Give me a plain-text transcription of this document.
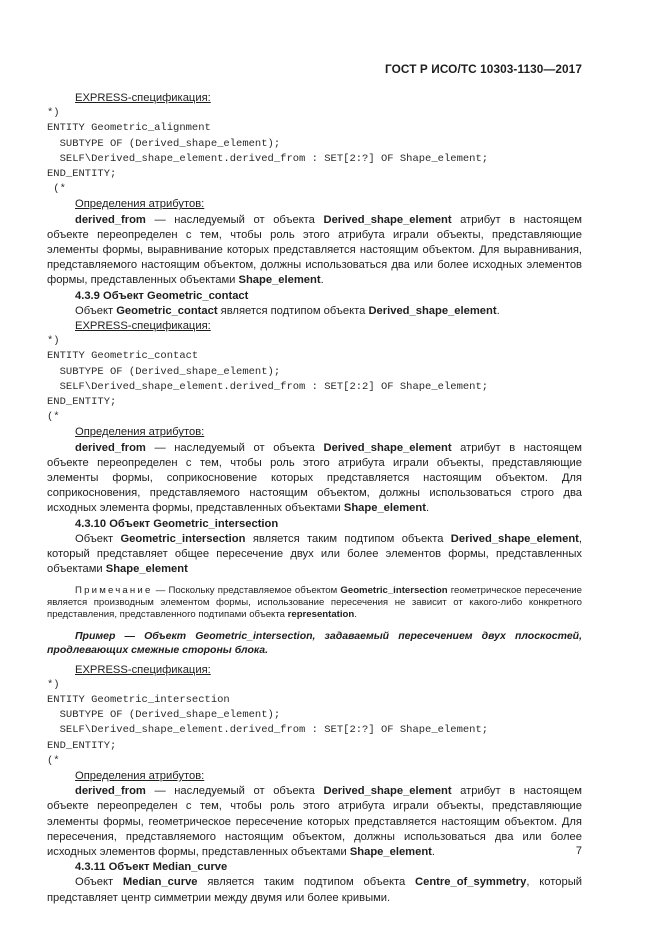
ГОСТ Р ИСО/ТС 10303-1130—2017
EXPRESS-спецификация:
*)
ENTITY Geometric_alignment
SUBTYPE OF (Derived_shape_element);
SELF\Derived_shape_element.derived_from : SET[2:?] OF Shape_element;
END_ENTITY;
(*
Определения атрибутов:
derived_from — наследуемый от объекта Derived_shape_element атрибут в настоящем объекте переопределен с тем, чтобы роль этого атрибута играли объекты, представляющие элементы формы, выравнивание которых представляется настоящим объектом. Для выравнивания, представляемого настоящим объектом, должны использоваться два или более исходных элементов формы, представленных объектами Shape_element.
4.3.9 Объект Geometric_contact
Объект Geometric_contact является подтипом объекта Derived_shape_element.
EXPRESS-спецификация:
*)
ENTITY Geometric_contact
SUBTYPE OF (Derived_shape_element);
SELF\Derived_shape_element.derived_from : SET[2:2] OF Shape_element;
END_ENTITY;
(*
Определения атрибутов:
derived_from — наследуемый от объекта Derived_shape_element атрибут в настоящем объекте переопределен с тем, чтобы роль этого атрибута играли объекты, представляющие элементы формы, соприкосновение которых представляется настоящим объектом. Для соприкосновения, представляемого настоящим объектом, должны использоваться строго два исходных элемента формы, представленных объектами Shape_element.
4.3.10 Объект Geometric_intersection
Объект Geometric_intersection является таким подтипом объекта Derived_shape_element, который представляет общее пересечение двух или более элементов формы, представленных объектами Shape_element
Примечание — Поскольку представляемое объектом Geometric_intersection геометрическое пересечение является производным элементом формы, использование пересечения не зависит от какого-либо конкретного представления, представленного подтипами объекта representation.
Пример — Объект Geometric_intersection, задаваемый пересечением двух плоскостей, продлевающих смежные стороны блока.
EXPRESS-спецификация:
*)
ENTITY Geometric_intersection
SUBTYPE OF (Derived_shape_element);
SELF\Derived_shape_element.derived_from : SET[2:?] OF Shape_element;
END_ENTITY;
(*
Определения атрибутов:
derived_from — наследуемый от объекта Derived_shape_element атрибут в настоящем объекте переопределен с тем, чтобы роль этого атрибута играли объекты, представляющие элементы формы, геометрическое пересечение которых представляется настоящим объектом. Для пересечения, представляемого настоящим объектом, должны использоваться два или более исходных элементов формы, представленных объектами Shape_element.
4.3.11 Объект Median_curve
Объект Median_curve является таким подтипом объекта Centre_of_symmetry, который представляет центр симметрии между двумя или более кривыми.
7
